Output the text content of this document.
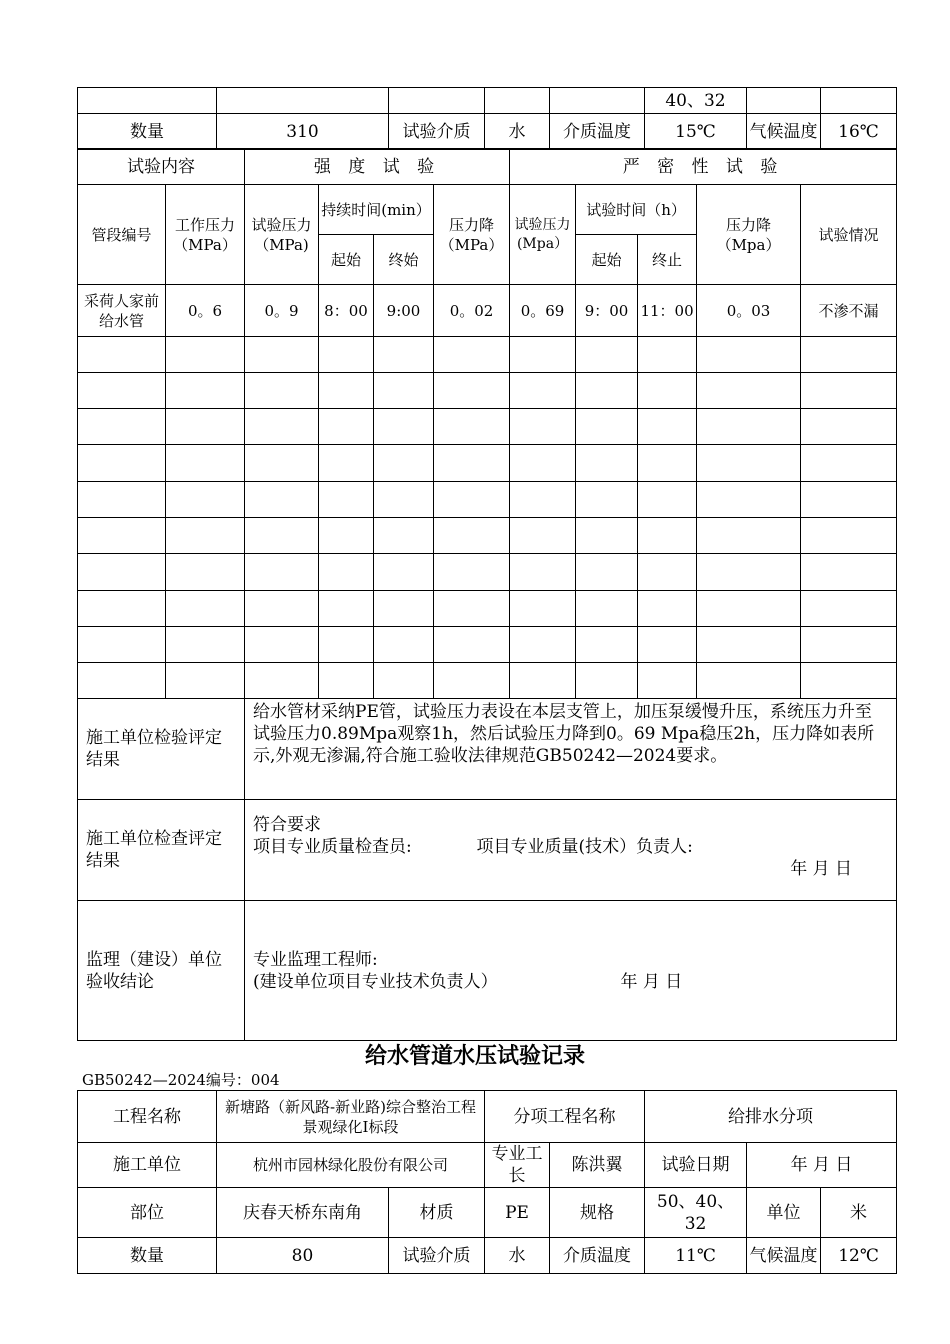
					40、32		
数量	310	试验介质	水	介质温度	15℃	气候温度	16℃
试验内容		强 度 试 验				严 密 性 试 验				
管段编号	工作压力（MPa）	试验压力（MPa)	持续时间(min）		压力降（MPa）	试验压力(Mpa）	试验时间（h）		压力降（Mpa）	试验情况
			起始	终始			起始	终止		
采荷人家前给水管	0。6	0。9	8：00	9:00	0。02	0。69	9：00	11：00	0。03	不渗不漏

施工单位检验评定结果	给水管材采纳PE管，试验压力表设在本层支管上，加压泵缓慢升压，系统压力升至试验压力0.89Mpa观察1h，然后试验压力降到0。69 Mpa稳压2h，压力降如表所示,外观无渗漏,符合施工验收法律规范GB50242—2024要求。
施工单位检查评定结果	符合要求
项目专业质量检查员: 项目专业质量(技术）负责人:
年 月 日

监理（建设）单位验收结论	专业监理工程师:
(建设单位项目专业技术负责人） 年 月 日
给水管道水压试验记录
GB50242—2024编号：004
工程名称	新塘路（新风路-新业路)综合整治工程景观绿化I标段		分项工程名称		给排水分项		
施工单位	杭州市园林绿化股份有限公司		专业工长	陈洪翼	试验日期	年 月 日	
部位	庆春天桥东南角	材质	PE	规格	50、40、32	单位	米
数量	80	试验介质	水	介质温度	11℃	气候温度	12℃
